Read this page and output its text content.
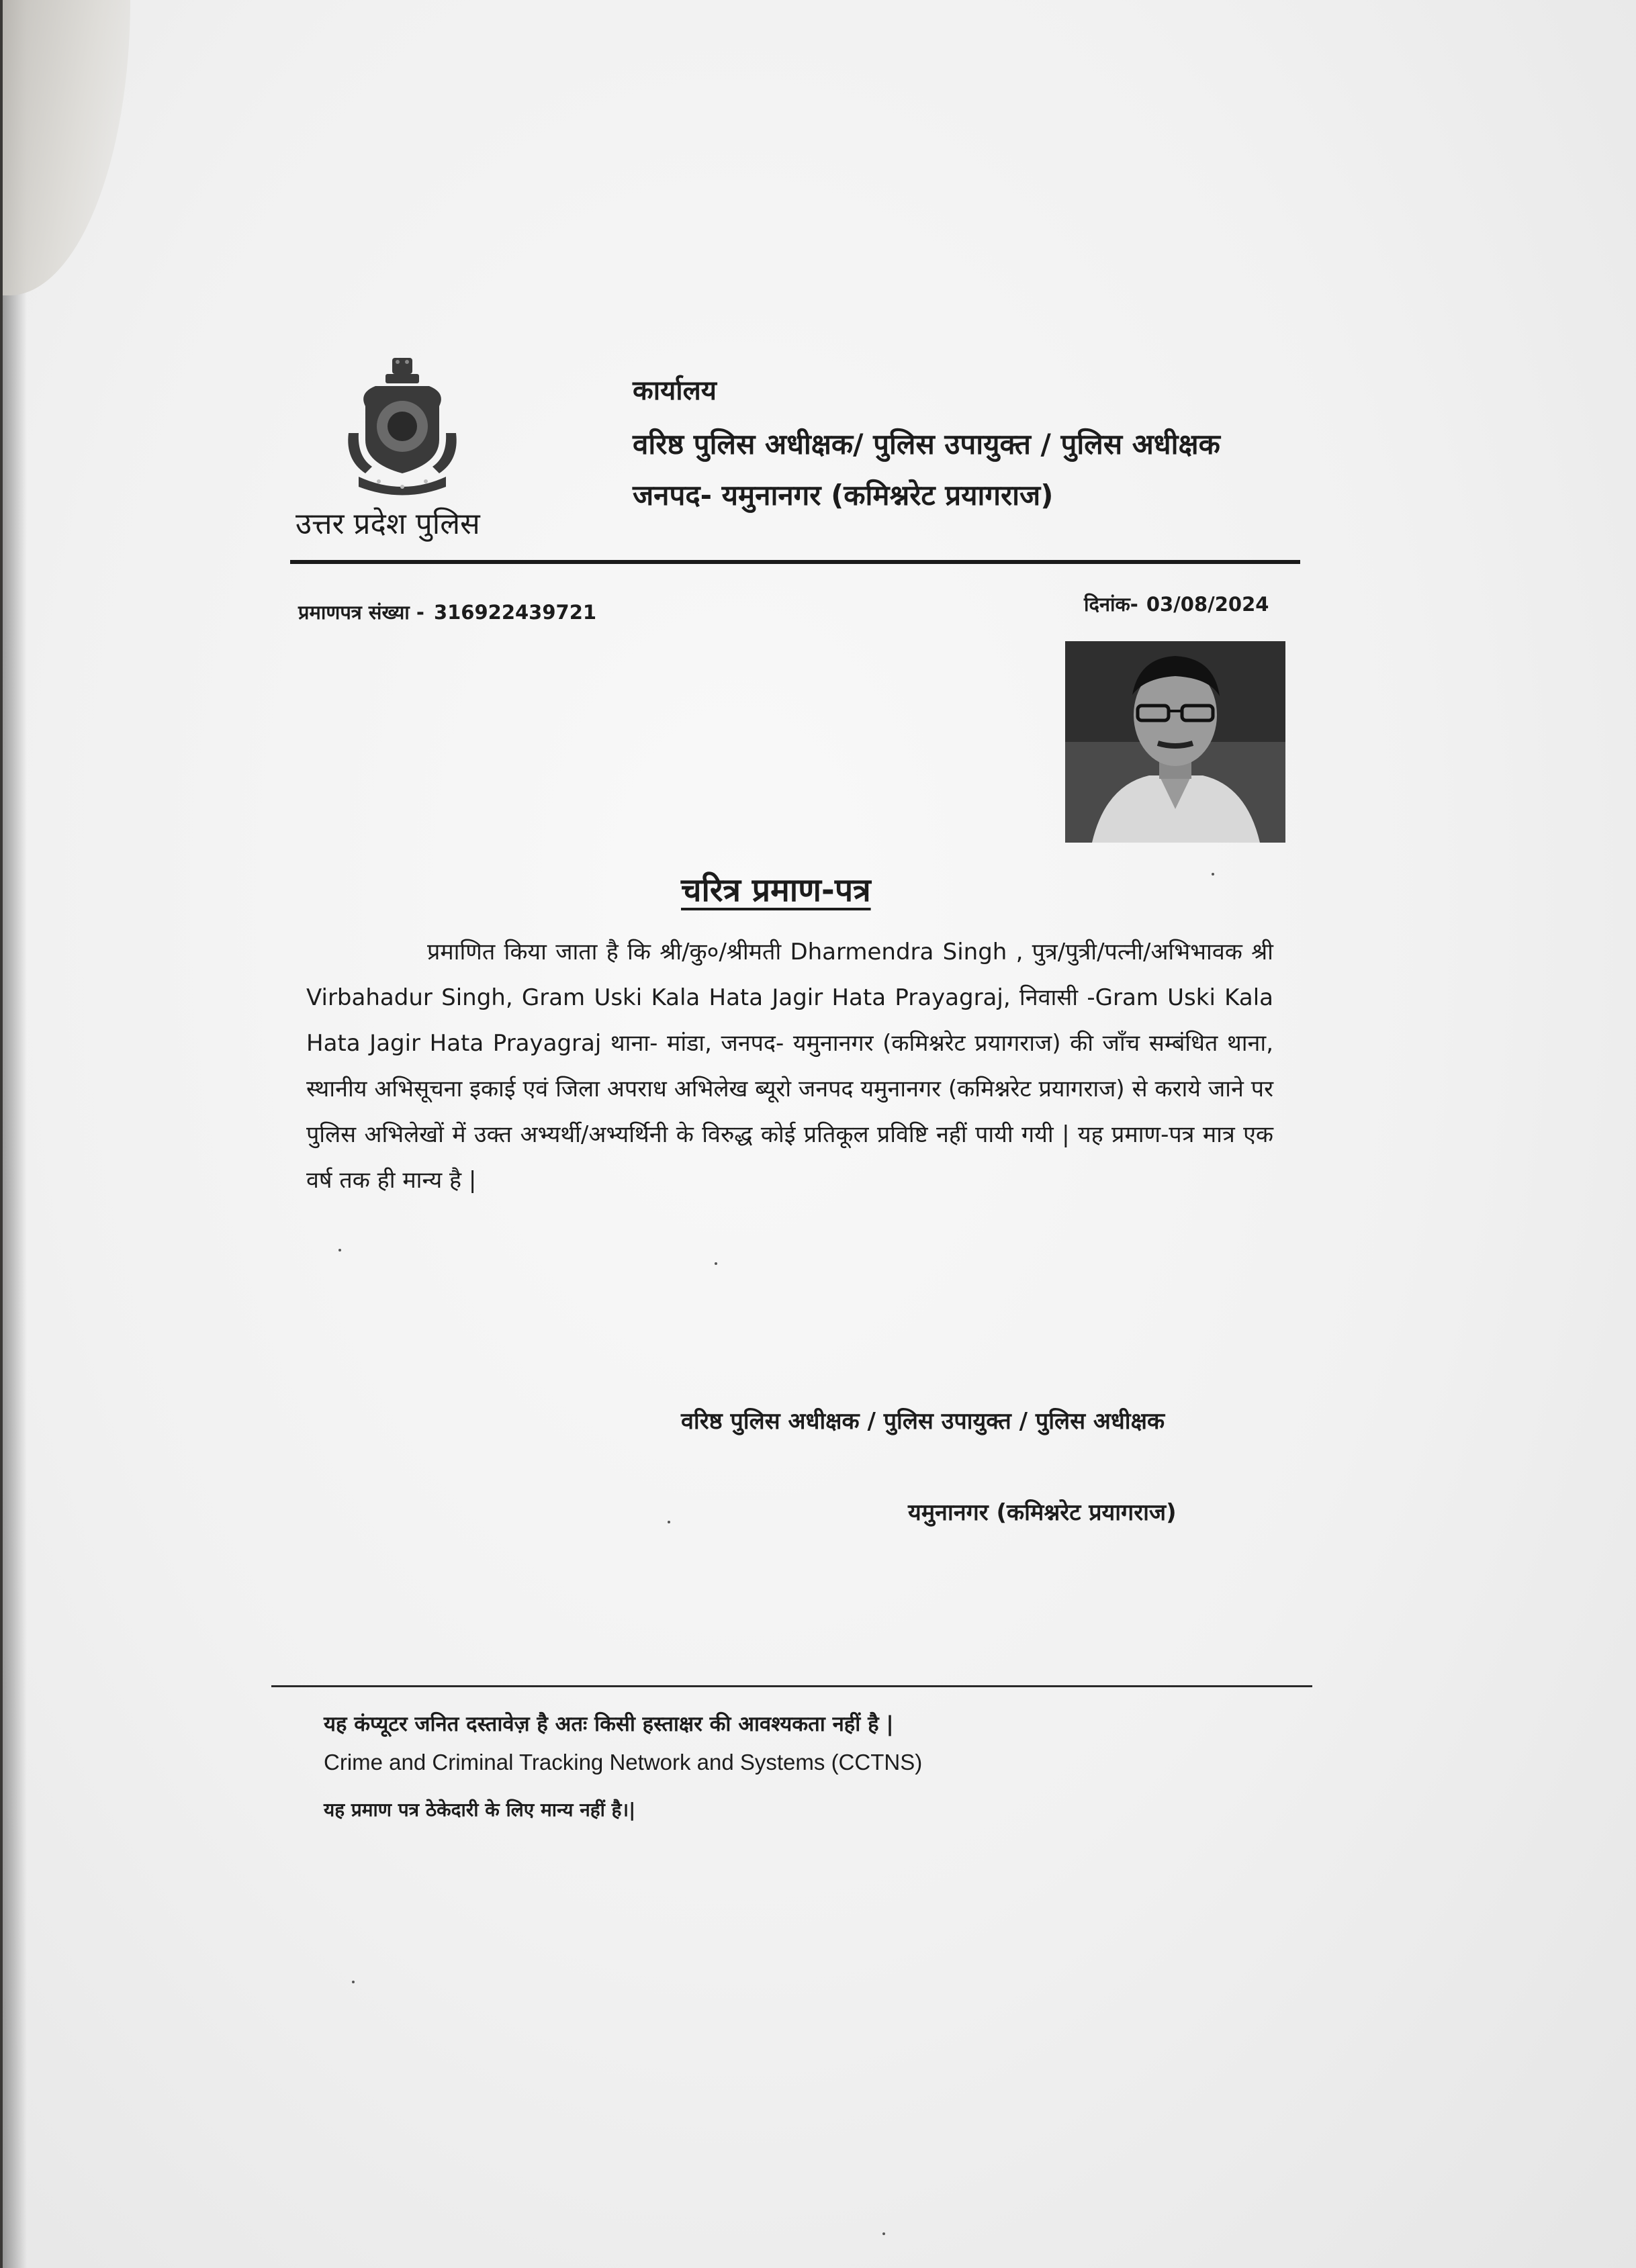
उत्तर प्रदेश पुलिस
कार्यालय
वरिष्ठ पुलिस अधीक्षक/ पुलिस उपायुक्त / पुलिस अधीक्षक
जनपद- यमुनानगर (कमिश्नरेट प्रयागराज)
प्रमाणपत्र संख्या - 316922439721	दिनांक- 03/08/2024
चरित्र प्रमाण-पत्र
प्रमाणित किया जाता है कि श्री/कु०/श्रीमती Dharmendra Singh , पुत्र/पुत्री/पत्नी/अभिभावक श्री Virbahadur Singh, Gram Uski Kala Hata Jagir Hata Prayagraj, निवासी -Gram Uski Kala Hata Jagir Hata Prayagraj थाना- मांडा, जनपद- यमुनानगर (कमिश्नरेट प्रयागराज) की जाँच सम्बंधित थाना, स्थानीय अभिसूचना इकाई एवं जिला अपराध अभिलेख ब्यूरो जनपद यमुनानगर (कमिश्नरेट प्रयागराज) से कराये जाने पर पुलिस अभिलेखों में उक्त अभ्यर्थी/अभ्यर्थिनी के विरुद्ध कोई प्रतिकूल प्रविष्टि नहीं पायी गयी | यह प्रमाण-पत्र मात्र एक वर्ष तक ही मान्य है |
वरिष्ठ पुलिस अधीक्षक / पुलिस उपायुक्त / पुलिस अधीक्षक
यमुनानगर (कमिश्नरेट प्रयागराज)
यह कंप्यूटर जनित दस्तावेज़ है अतः किसी हस्ताक्षर की आवश्यकता नहीं है |
Crime and Criminal Tracking Network and Systems (CCTNS)
यह प्रमाण पत्र ठेकेदारी के लिए मान्य नहीं है।|
